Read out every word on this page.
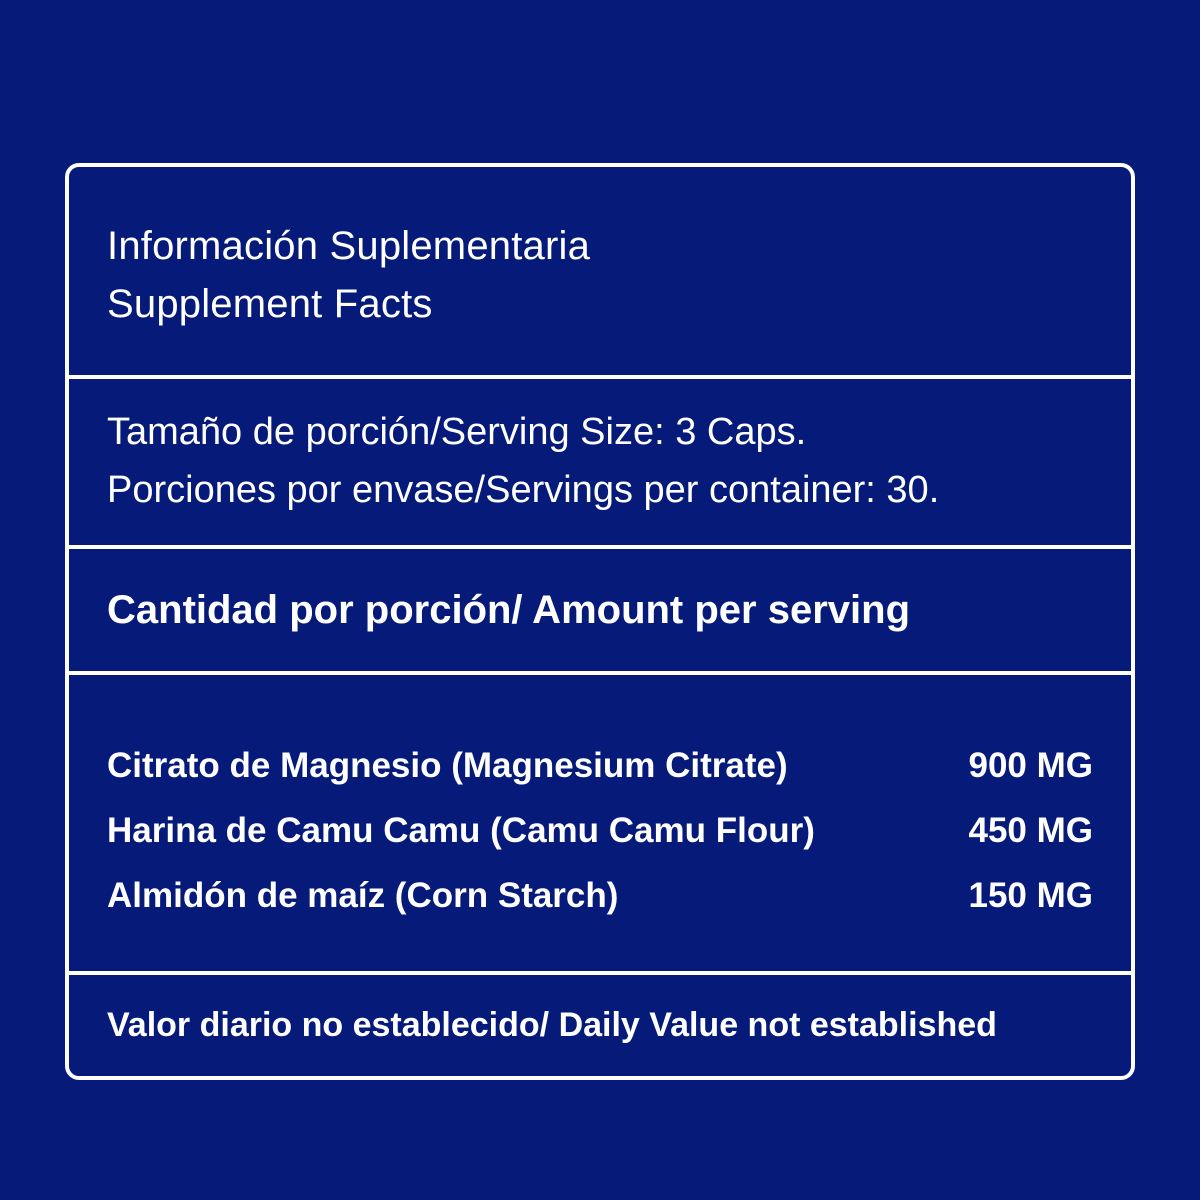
Información Suplementaria
Supplement Facts
Tamaño de porción/Serving Size: 3 Caps.
Porciones por envase/Servings per container: 30.
Cantidad por porción/ Amount per serving
Citrato de Magnesio (Magnesium Citrate)	900 MG
Harina de Camu Camu (Camu Camu Flour)	450 MG
Almidón de maíz (Corn Starch)	150 MG
Valor diario no establecido/ Daily Value not established
